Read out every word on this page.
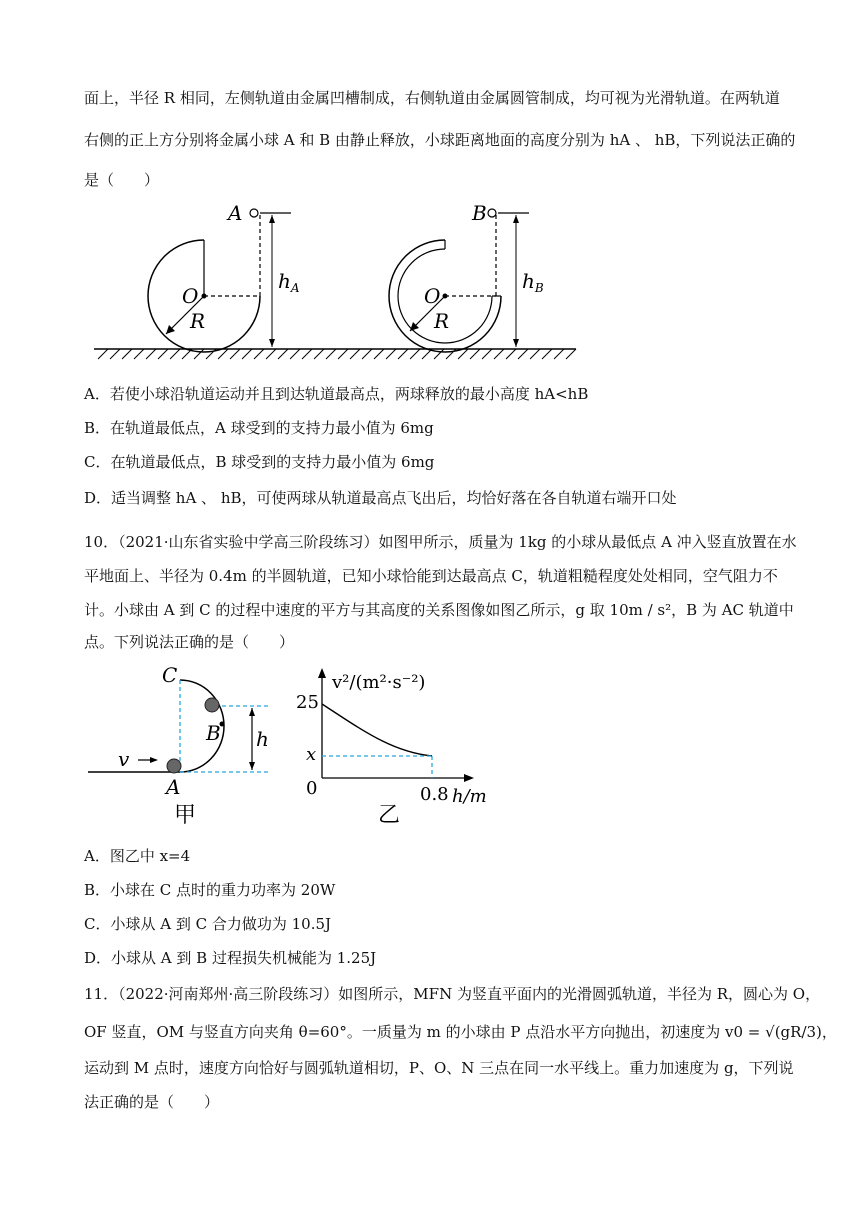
面上，半径 R 相同，左侧轨道由金属凹槽制成，右侧轨道由金属圆管制成，均可视为光滑轨道。在两轨道
右侧的正上方分别将金属小球 A 和 B 由静止释放，小球距离地面的高度分别为 hA 、 hB，下列说法正确的
是（　　）
A
O
R
$h_A$
B
O
R
$h_B$
A．若使小球沿轨道运动并且到达轨道最高点，两球释放的最小高度 hA<hB
B．在轨道最低点，A 球受到的支持力最小值为 6mg
C．在轨道最低点，B 球受到的支持力最小值为 6mg
D．适当调整 hA 、 hB，可使两球从轨道最高点飞出后，均恰好落在各自轨道右端开口处
10．（2021·山东省实验中学高三阶段练习）如图甲所示，质量为 1kg 的小球从最低点 A 冲入竖直放置在水
平地面上、半径为 0.4m 的半圆轨道，已知小球恰能到达最高点 C，轨道粗糙程度处处相同，空气阻力不
计。小球由 A 到 C 的过程中速度的平方与其高度的关系图像如图乙所示，g 取 10m / s²，B 为 AC 轨道中
点。下列说法正确的是（　　）
C
B
A
v
h
甲
v²/(m²·s⁻²)
25
x
0	0.8 h/m
乙
A．图乙中 x=4
B．小球在 C 点时的重力功率为 20W
C．小球从 A 到 C 合力做功为 10.5J
D．小球从 A 到 B 过程损失机械能为 1.25J
11．（2022·河南郑州·高三阶段练习）如图所示，MFN 为竖直平面内的光滑圆弧轨道，半径为 R，圆心为 O，
OF 竖直，OM 与竖直方向夹角 θ=60°。一质量为 m 的小球由 P 点沿水平方向抛出，初速度为 v0 = √(gR/3)，
运动到 M 点时，速度方向恰好与圆弧轨道相切，P、O、N 三点在同一水平线上。重力加速度为 g，下列说
法正确的是（　　）
